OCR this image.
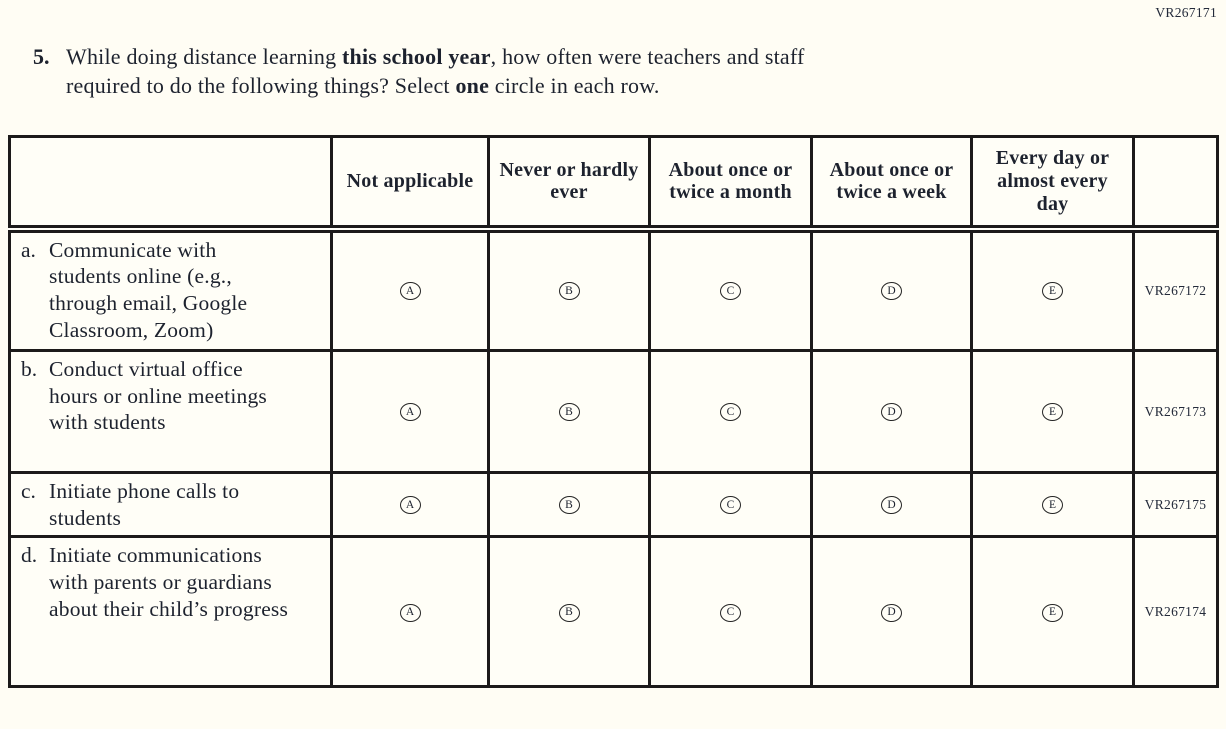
VR267171
5. While doing distance learning this school year, how often were teachers and staff
required to do the following things? Select one circle in each row.
	Not applicable	Never or hardly ever	About once or twice a month	About once or twice a week	Every day or almost every day	

a. Communicate with students online (e.g., through email, Google Classroom, Zoom)	A	B	C	D	E	VR267172

b. Conduct virtual office hours or online meetings with students	A	B	C	D	E	VR267173

c. Initiate phone calls to students	A	B	C	D	E	VR267175

d. Initiate communications with parents or guardians about their child’s progress	A	B	C	D	E	VR267174
